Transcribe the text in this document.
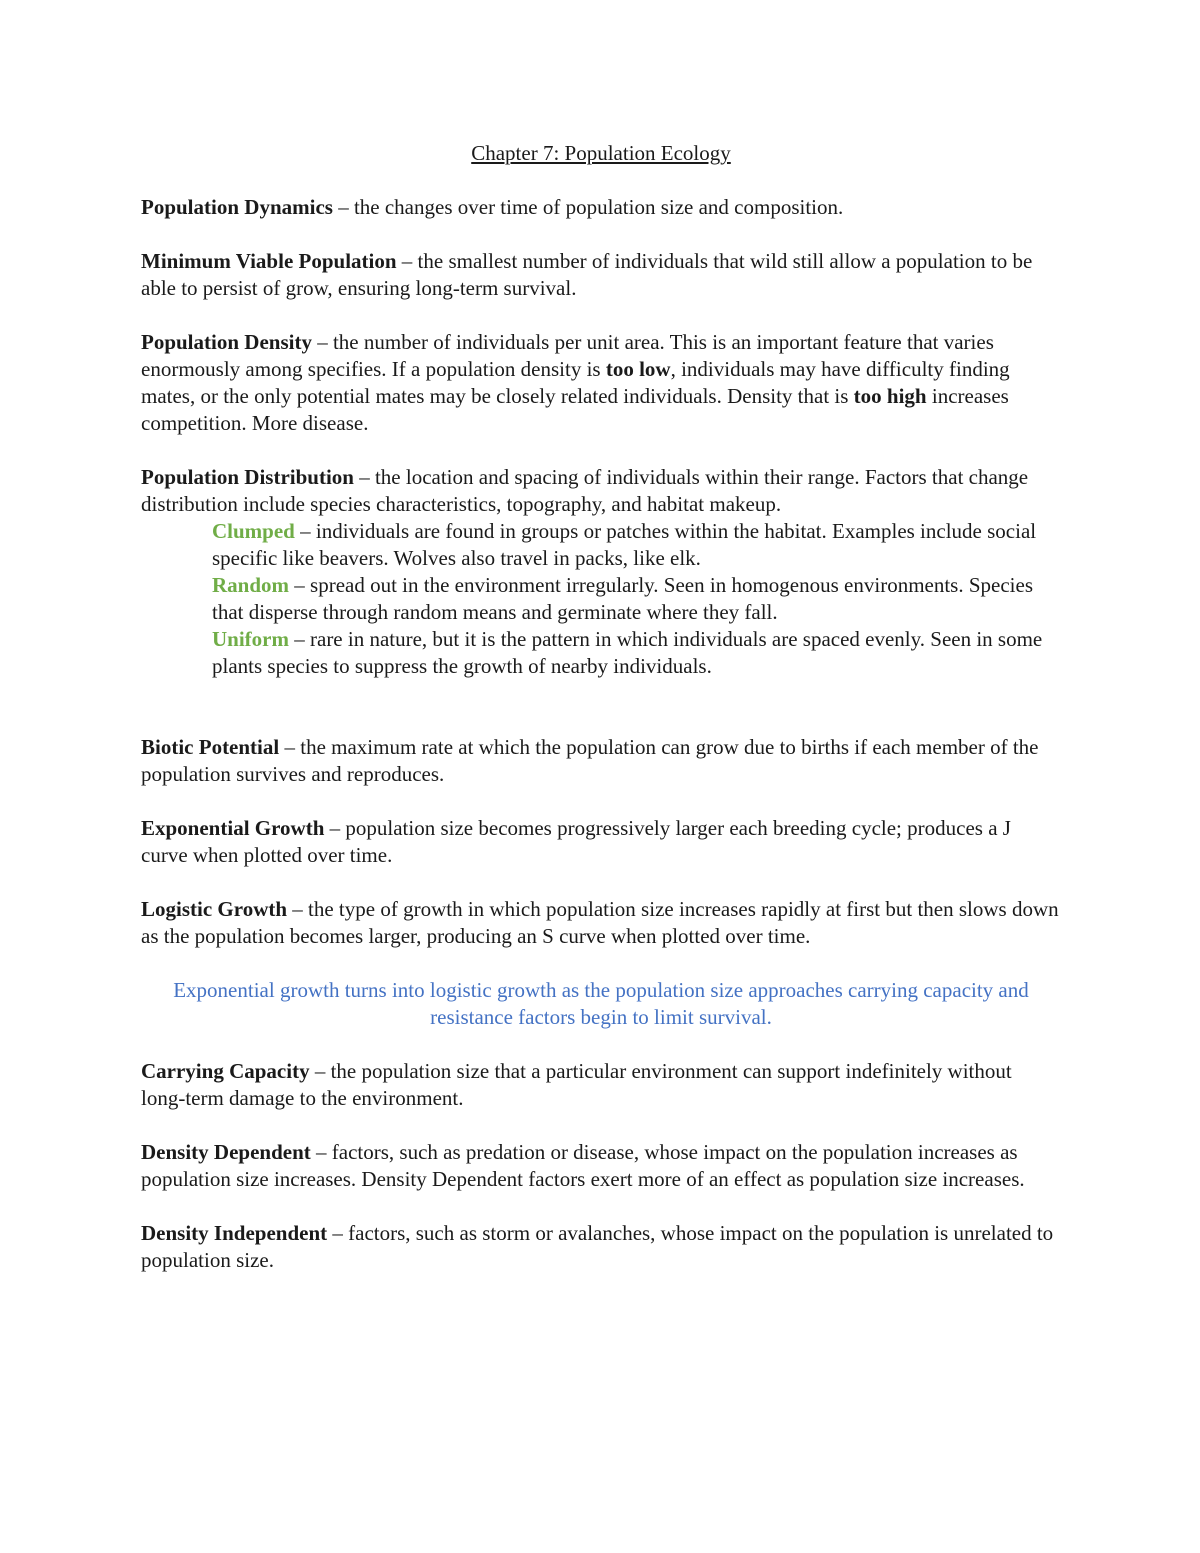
Chapter 7: Population Ecology

Population Dynamics – the changes over time of population size and composition.

Minimum Viable Population – the smallest number of individuals that wild still allow a population to be able to persist of grow, ensuring long-term survival.

Population Density – the number of individuals per unit area. This is an important feature that varies enormously among specifies. If a population density is too low, individuals may have difficulty finding mates, or the only potential mates may be closely related individuals. Density that is too high increases competition. More disease.

Population Distribution – the location and spacing of individuals within their range. Factors that change distribution include species characteristics, topography, and habitat makeup.

Clumped – individuals are found in groups or patches within the habitat. Examples include social specific like beavers. Wolves also travel in packs, like elk.

Random – spread out in the environment irregularly. Seen in homogenous environments. Species that disperse through random means and germinate where they fall.

Uniform – rare in nature, but it is the pattern in which individuals are spaced evenly. Seen in some plants species to suppress the growth of nearby individuals.

Biotic Potential – the maximum rate at which the population can grow due to births if each member of the population survives and reproduces.

Exponential Growth – population size becomes progressively larger each breeding cycle; produces a J curve when plotted over time.

Logistic Growth – the type of growth in which population size increases rapidly at first but then slows down as the population becomes larger, producing an S curve when plotted over time.

Exponential growth turns into logistic growth as the population size approaches carrying capacity and resistance factors begin to limit survival.

Carrying Capacity – the population size that a particular environment can support indefinitely without long-term damage to the environment.

Density Dependent – factors, such as predation or disease, whose impact on the population increases as population size increases. Density Dependent factors exert more of an effect as population size increases.

Density Independent – factors, such as storm or avalanches, whose impact on the population is unrelated to population size.
